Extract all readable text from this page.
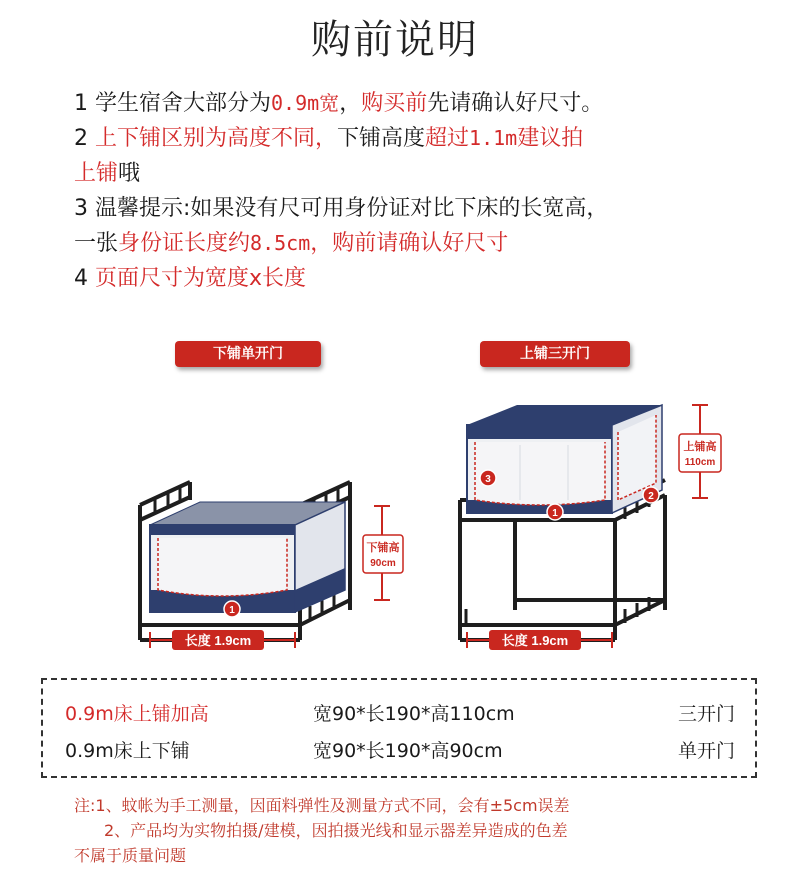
购前说明
1 学生宿舍大部分为0.9m宽，购买前先请确认好尺寸。
2 上下铺区别为高度不同，下铺高度超过1.1m建议拍
上铺哦
3 温馨提示:如果没有尺可用身份证对比下床的长宽高，
一张身份证长度约8.5cm，购前请确认好尺寸
4 页面尺寸为宽度x长度
下铺单开门	上铺三开门
1
长度 1.9cm
下铺高
90cm
3
1
2
长度 1.9cm
上铺高
110cm
0.9m床上铺加高	宽90*长190*高110cm	三开门
0.9m床上下铺	宽90*长190*高90cm	单开门
注:1、蚊帐为手工测量，因面料弹性及测量方式不同，会有±5cm误差
2、产品均为实物拍摄/建模，因拍摄光线和显示器差异造成的色差
不属于质量问题
